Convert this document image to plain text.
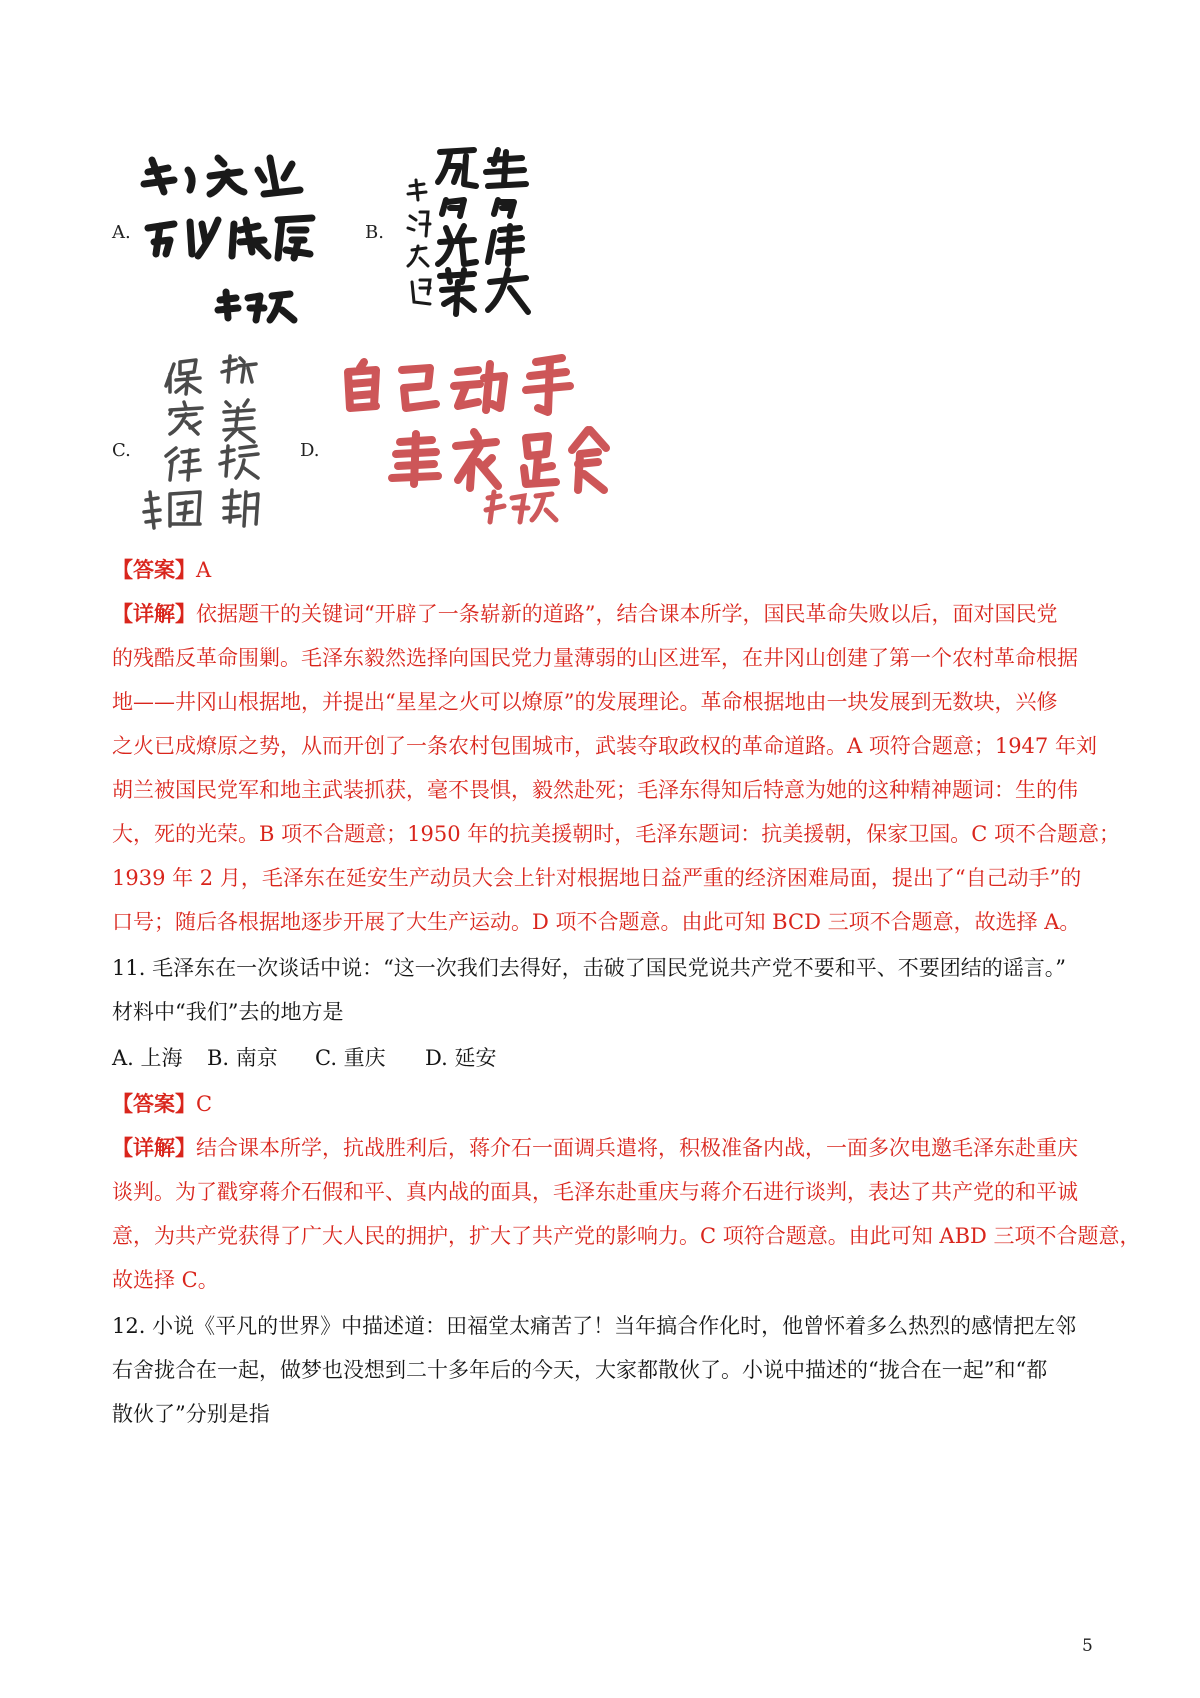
A.	B.
C.	D.
【答案】A
【详解】依据题干的关键词“开辟了一条崭新的道路”，结合课本所学，国民革命失败以后，面对国民党
的残酷反革命围剿。毛泽东毅然选择向国民党力量薄弱的山区进军，在井冈山创建了第一个农村革命根据
地——井冈山根据地，并提出“星星之火可以燎原”的发展理论。革命根据地由一块发展到无数块，兴修
之火已成燎原之势，从而开创了一条农村包围城市，武装夺取政权的革命道路。A 项符合题意；1947 年刘
胡兰被国民党军和地主武装抓获，毫不畏惧，毅然赴死；毛泽东得知后特意为她的这种精神题词：生的伟
大，死的光荣。B 项不合题意；1950 年的抗美援朝时，毛泽东题词：抗美援朝，保家卫国。C 项不合题意；
1939 年 2 月，毛泽东在延安生产动员大会上针对根据地日益严重的经济困难局面，提出了“自己动手”的
口号；随后各根据地逐步开展了大生产运动。D 项不合题意。由此可知 BCD 三项不合题意，故选择 A。
11. 毛泽东在一次谈话中说：“这一次我们去得好，击破了国民党说共产党不要和平、不要团结的谣言。”
材料中“我们”去的地方是
A. 上海 B. 南京 C. 重庆 D. 延安
【答案】C
【详解】结合课本所学，抗战胜利后，蒋介石一面调兵遣将，积极准备内战，一面多次电邀毛泽东赴重庆
谈判。为了戳穿蒋介石假和平、真内战的面具，毛泽东赴重庆与蒋介石进行谈判，表达了共产党的和平诚
意，为共产党获得了广大人民的拥护，扩大了共产党的影响力。C 项符合题意。由此可知 ABD 三项不合题意，
故选择 C。
12. 小说《平凡的世界》中描述道：田福堂太痛苦了！当年搞合作化时，他曾怀着多么热烈的感情把左邻
右舍拢合在一起，做梦也没想到二十多年后的今天，大家都散伙了。小说中描述的“拢合在一起”和“都
散伙了”分别是指
5
